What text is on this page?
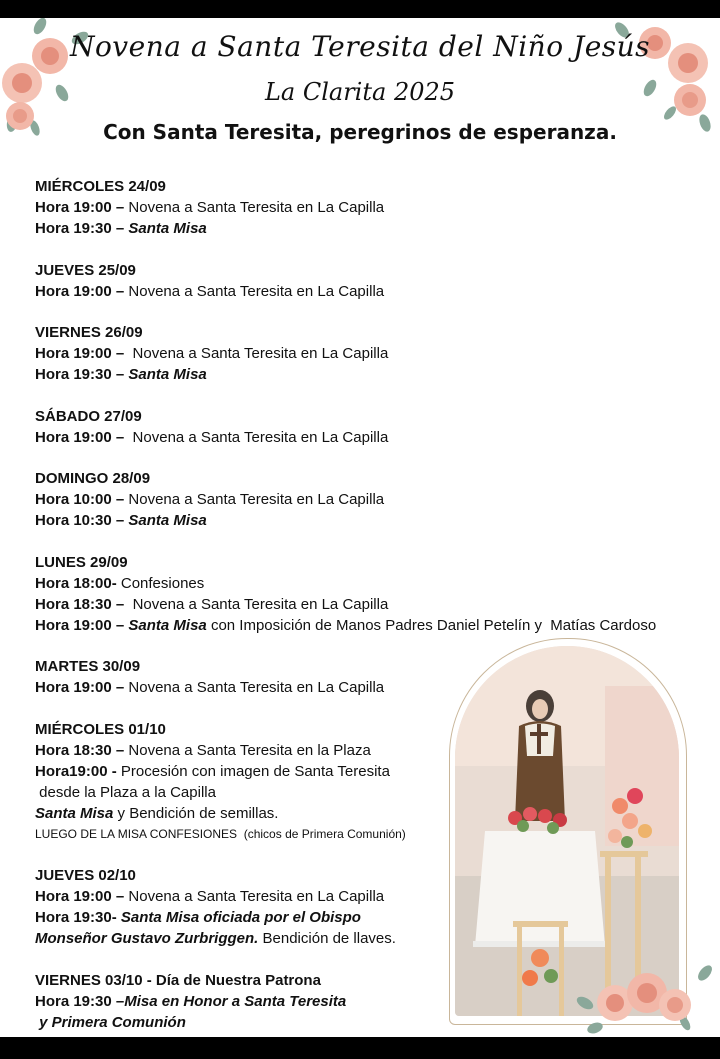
Novena a Santa Teresita del Niño Jesús
La Clarita 2025
Con Santa Teresita, peregrinos de esperanza.
MIÉRCOLES 24/09
Hora 19:00 – Novena a Santa Teresita en La Capilla
Hora 19:30 – Santa Misa
JUEVES 25/09
Hora 19:00 – Novena a Santa Teresita en La Capilla
VIERNES 26/09
Hora 19:00 –  Novena a Santa Teresita en La Capilla
Hora 19:30 – Santa Misa
SÁBADO 27/09
Hora 19:00 –  Novena a Santa Teresita en La Capilla
DOMINGO 28/09
Hora 10:00 – Novena a Santa Teresita en La Capilla
Hora 10:30 – Santa Misa
LUNES 29/09
Hora 18:00- Confesiones
Hora 18:30 –  Novena a Santa Teresita en La Capilla
Hora 19:00 – Santa Misa con Imposición de Manos Padres Daniel Petelín y  Matías Cardoso
MARTES 30/09
Hora 19:00 – Novena a Santa Teresita en La Capilla
MIÉRCOLES 01/10
Hora 18:30 – Novena a Santa Teresita en la Plaza
Hora19:00 - Procesión con imagen de Santa Teresita
desde la Plaza a la Capilla
Santa Misa y Bendición de semillas.
LUEGO DE LA MISA CONFESIONES  (chicos de Primera Comunión)
JUEVES 02/10
Hora 19:00 – Novena a Santa Teresita en La Capilla
Hora 19:30- Santa Misa oficiada por el Obispo
Monseñor Gustavo Zurbriggen. Bendición de llaves.
VIERNES 03/10 - Día de Nuestra Patrona
Hora 19:30 –Misa en Honor a Santa Teresita
y Primera Comunión
